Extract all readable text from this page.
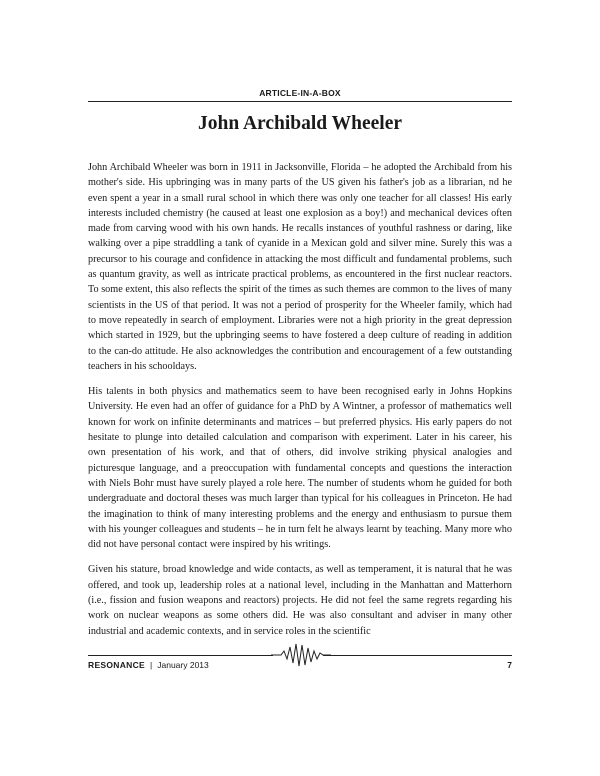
ARTICLE-IN-A-BOX
John Archibald Wheeler

John Archibald Wheeler was born in 1911 in Jacksonville, Florida – he adopted the Archibald from his mother's side. His upbringing was in many parts of the US given his father's job as a librarian, nd he even spent a year in a small rural school in which there was only one teacher for all classes! His early interests included chemistry (he caused at least one explosion as a boy!) and mechanical devices often made from carving wood with his own hands. He recalls instances of youthful rashness or daring, like walking over a pipe straddling a tank of cyanide in a Mexican gold and silver mine. Surely this was a precursor to his courage and confidence in attacking the most difficult and fundamental problems, such as quantum gravity, as well as intricate practical problems, as encountered in the first nuclear reactors. To some extent, this also reflects the spirit of the times as such themes are common to the lives of many scientists in the US of that period. It was not a period of prosperity for the Wheeler family, which had to move repeatedly in search of employment. Libraries were not a high priority in the great depression which started in 1929, but the upbringing seems to have fostered a deep culture of reading in addition to the can-do attitude. He also acknowledges the contribution and encouragement of a few outstanding teachers in his schooldays.

His talents in both physics and mathematics seem to have been recognised early in Johns Hopkins University. He even had an offer of guidance for a PhD by A Wintner, a professor of mathematics well known for work on infinite determinants and matrices – but preferred physics. His early papers do not hesitate to plunge into detailed calculation and comparison with experiment. Later in his career, his own presentation of his work, and that of others, did involve striking physical analogies and picturesque language, and a preoccupation with fundamental concepts and questions the interaction with Niels Bohr must have surely played a role here. The number of students whom he guided for both undergraduate and doctoral theses was much larger than typical for his colleagues in Princeton. He had the imagination to think of many interesting problems and the energy and enthusiasm to pursue them with his younger colleagues and students – he in turn felt he always learnt by teaching. Many more who did not have personal contact were inspired by his writings.

Given his stature, broad knowledge and wide contacts, as well as temperament, it is natural that he was offered, and took up, leadership roles at a national level, including in the Manhattan and Matterhorn (i.e., fission and fusion weapons and reactors) projects. He did not feel the same regrets regarding his work on nuclear weapons as some others did. He was also consultant and adviser in many other industrial and academic contexts, and in service roles in the scientific

RESONANCE | January 2013	7
